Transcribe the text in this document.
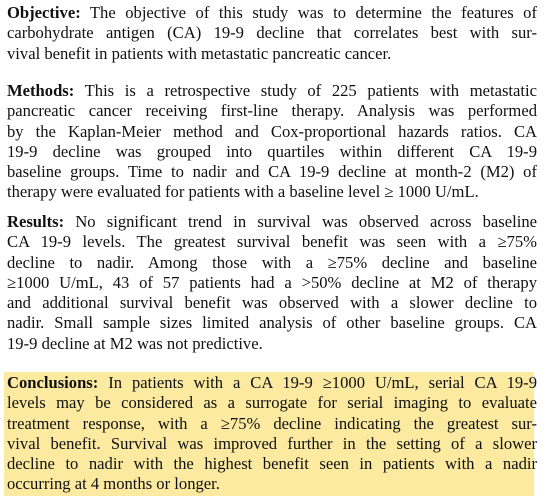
Objective: The objective of this study was to determine the features of
carbohydrate antigen (CA) 19-9 decline that correlates best with sur-
vival benefit in patients with metastatic pancreatic cancer.
Methods: This is a retrospective study of 225 patients with metastatic
pancreatic cancer receiving first-line therapy. Analysis was performed
by the Kaplan-Meier method and Cox-proportional hazards ratios. CA
19-9 decline was grouped into quartiles within different CA 19-9
baseline groups. Time to nadir and CA 19-9 decline at month-2 (M2) of
therapy were evaluated for patients with a baseline level ≥ 1000 U/mL.
Results: No significant trend in survival was observed across baseline
CA 19-9 levels. The greatest survival benefit was seen with a ≥75%
decline to nadir. Among those with a ≥75% decline and baseline
≥1000 U/mL, 43 of 57 patients had a >50% decline at M2 of therapy
and additional survival benefit was observed with a slower decline to
nadir. Small sample sizes limited analysis of other baseline groups. CA
19-9 decline at M2 was not predictive.
Conclusions: In patients with a CA 19-9 ≥1000 U/mL, serial CA 19-9
levels may be considered as a surrogate for serial imaging to evaluate
treatment response, with a ≥75% decline indicating the greatest sur-
vival benefit. Survival was improved further in the setting of a slower
decline to nadir with the highest benefit seen in patients with a nadir
occurring at 4 months or longer.
